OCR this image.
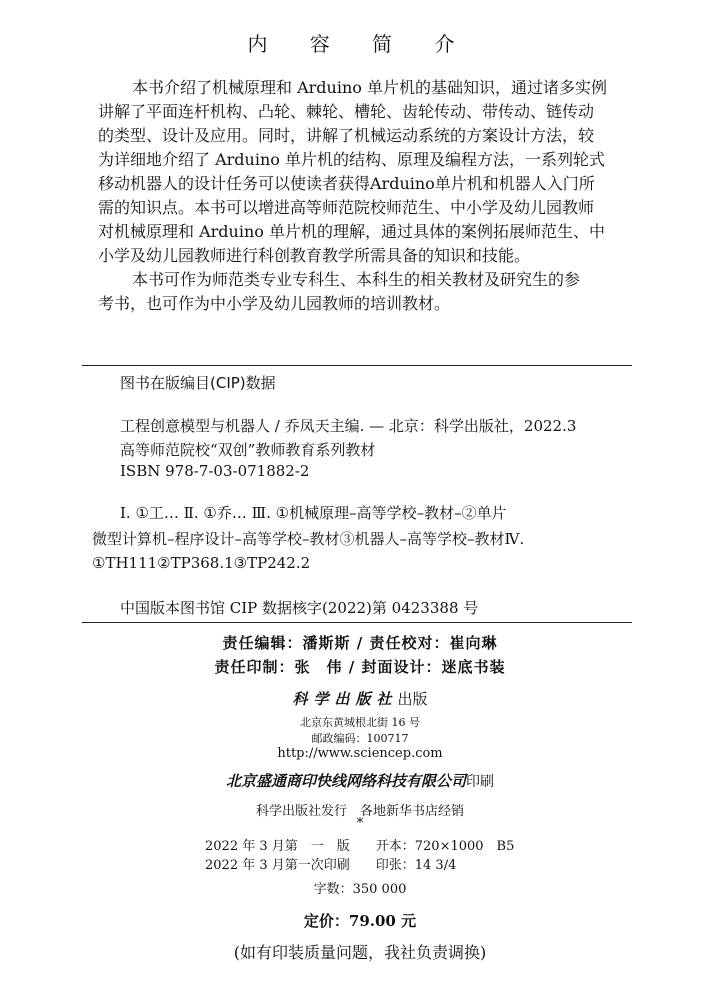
内 容 简 介
本书介绍了机械原理和 Arduino 单片机的基础知识，通过诸多实例
讲解了平面连杆机构、凸轮、棘轮、槽轮、齿轮传动、带传动、链传动
的类型、设计及应用。同时，讲解了机械运动系统的方案设计方法，较
为详细地介绍了 Arduino 单片机的结构、原理及编程方法，一系列轮式
移动机器人的设计任务可以使读者获得Arduino单片机和机器人入门所
需的知识点。本书可以增进高等师范院校师范生、中小学及幼儿园教师
对机械原理和 Arduino 单片机的理解，通过具体的案例拓展师范生、中
小学及幼儿园教师进行科创教育教学所需具备的知识和技能。
本书可作为师范类专业专科生、本科生的相关教材及研究生的参
考书，也可作为中小学及幼儿园教师的培训教材。
图书在版编目(CIP)数据
工程创意模型与机器人 / 乔凤天主编. — 北京：科学出版社，2022.3
高等师范院校“双创”教师教育系列教材
ISBN 978-7-03-071882-2
Ⅰ. ①工… Ⅱ. ①乔… Ⅲ. ①机械原理–高等学校–教材–②单片
微型计算机–程序设计–高等学校–教材③机器人–高等学校–教材Ⅳ.
①TH111②TP368.1③TP242.2
中国版本图书馆 CIP 数据核字(2022)第 0423388 号
责任编辑：潘斯斯 / 责任校对：崔向琳
责任印制：张　伟 / 封面设计：迷底书装
科学出版社出版
北京东黄城根北街 16 号
邮政编码：100717
http://www.sciencep.com
北京盛通商印快线网络科技有限公司印刷
科学出版社发行　各地新华书店经销
*
2022 年 3 月第　一　版　　开本：720×1000　B5
2022 年 3 月第一次印刷　　印张：14 3/4
字数：350 000
定价：79.00 元
(如有印装质量问题，我社负责调换)
